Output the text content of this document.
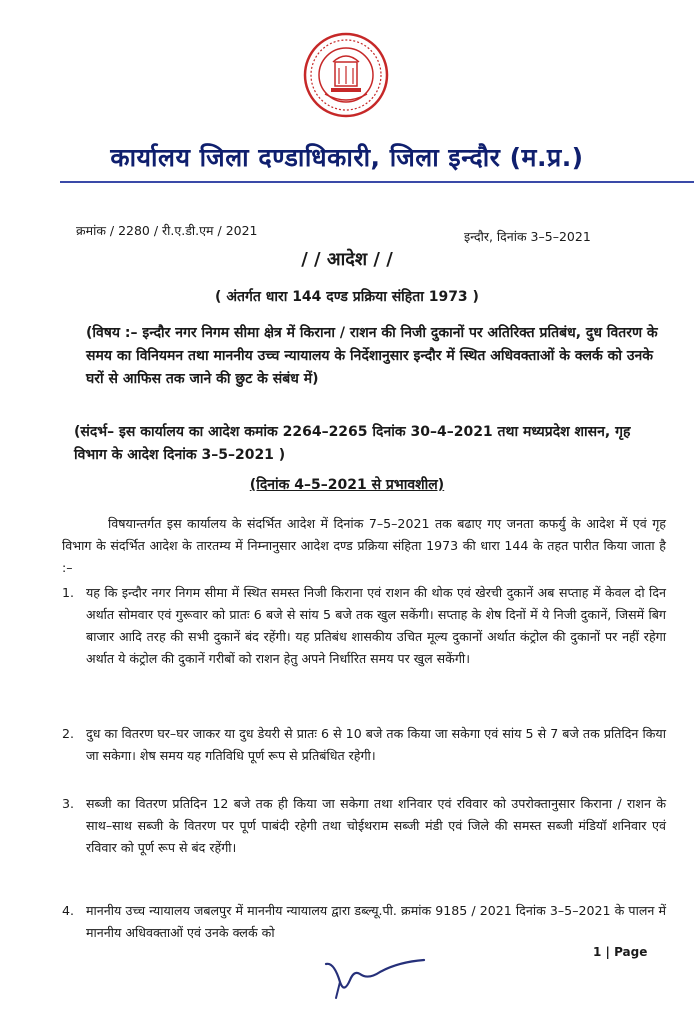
कार्यालय जिला दण्डाधिकारी, जिला इन्दौर (म.प्र.)
क्रमांक / 2280 / री.ए.डी.एम / 2021	इन्दौर, दिनांक 3–5–2021
/ / आदेश / /
( अंतर्गत धारा 144 दण्ड प्रक्रिया संहिता 1973 )
(विषय :– इन्दौर नगर निगम सीमा क्षेत्र में किराना / राशन की निजी दुकानों पर अतिरिक्त प्रतिबंध, दुध वितरण के समय का विनियमन तथा माननीय उच्च न्यायालय के निर्देशानुसार इन्दौर में स्थित अधिवक्ताओं के क्लर्क को उनके घरों से आफिस तक जाने की छुट के संबंध में)
(संदर्भ– इस कार्यालय का आदेश कमांक 2264–2265 दिनांक 30–4–2021 तथा मध्यप्रदेश शासन, गृह विभाग के आदेश दिनांक 3–5–2021 )
(दिनांक 4–5–2021 से प्रभावशील)
विषयान्तर्गत इस कार्यालय के संदर्भित आदेश में दिनांक 7–5–2021 तक बढाए गए जनता कफर्यु के आदेश में एवं गृह विभाग के संदर्भित आदेश के तारतम्य में निम्नानुसार आदेश दण्ड प्रक्रिया संहिता 1973 की धारा 144 के तहत पारीत किया जाता है :–
1. यह कि इन्दौर नगर निगम सीमा में स्थित समस्त निजी किराना एवं राशन की थोक एवं खेरची दुकानें अब सप्ताह में केवल दो दिन अर्थात सोमवार एवं गुरूवार को प्रातः 6 बजे से सांय 5 बजे तक खुल सकेंगी। सप्ताह के शेष दिनों में ये निजी दुकानें, जिसमें बिग बाजार आदि तरह की सभी दुकानें बंद रहेंगी। यह प्रतिबंध शासकीय उचित मूल्य दुकानों अर्थात कंट्रोल की दुकानों पर नहीं रहेगा अर्थात ये कंट्रोल की दुकानें गरीबों को राशन हेतु अपने निर्धारित समय पर खुल सकेंगी।
2. दुध का वितरण घर–घर जाकर या दुध डेयरी से प्रातः 6 से 10 बजे तक किया जा सकेगा एवं सांय 5 से 7 बजे तक प्रतिदिन किया जा सकेगा। शेष समय यह गतिविधि पूर्ण रूप से प्रतिबंधित रहेगी।
3. सब्जी का वितरण प्रतिदिन 12 बजे तक ही किया जा सकेगा तथा शनिवार एवं रविवार को उपरोक्तानुसार किराना / राशन के साथ–साथ सब्जी के वितरण पर पूर्ण पाबंदी रहेगी तथा चोईथराम सब्जी मंडी एवं जिले की समस्त सब्जी मंडियॉ शनिवार एवं रविवार को पूर्ण रूप से बंद रहेंगी।
4. माननीय उच्च न्यायालय जबलपुर में माननीय न्यायालय द्वारा डब्ल्यू.पी. क्रमांक 9185 / 2021 दिनांक 3–5–2021 के पालन में माननीय अधिवक्ताओं एवं उनके क्लर्क को
1 | Page
